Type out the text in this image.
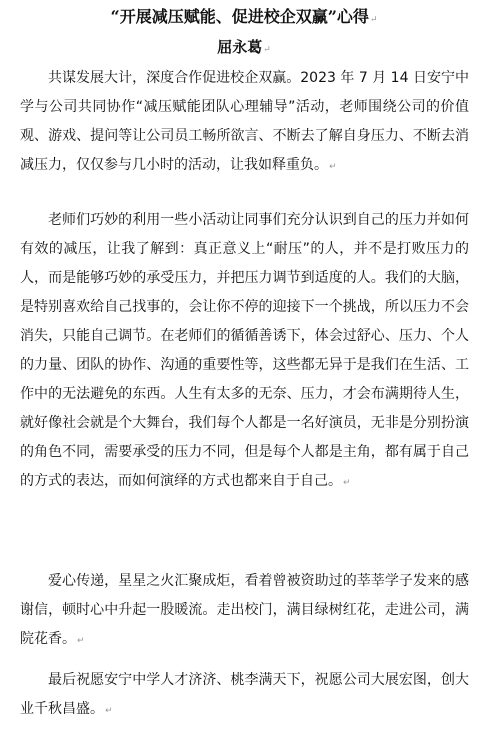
“开展减压赋能、促进校企双赢”心得↵
屈永葛↵

共谋发展大计，深度合作促进校企双赢。2023 年 7 月 14 日安宁中学与公司共同协作“减压赋能团队心理辅导”活动，老师围绕公司的价值观、游戏、提问等让公司员工畅所欲言、不断去了解自身压力、不断去消减压力，仅仅参与几小时的活动，让我如释重负。↵

老师们巧妙的利用一些小活动让同事们充分认识到自己的压力并如何有效的减压，让我了解到：真正意义上“耐压”的人，并不是打败压力的人，而是能够巧妙的承受压力，并把压力调节到适度的人。我们的大脑，是特别喜欢给自己找事的，会让你不停的迎接下一个挑战，所以压力不会消失，只能自己调节。在老师们的循循善诱下，体会过舒心、压力、个人的力量、团队的协作、沟通的重要性等，这些都无异于是我们在生活、工作中的无法避免的东西。人生有太多的无奈、压力，才会布满期待人生，就好像社会就是个大舞台，我们每个人都是一名好演员，无非是分别扮演的角色不同，需要承受的压力不同，但是每个人都是主角，都有属于自己的方式的表达，而如何演绎的方式也都来自于自己。↵

爱心传递，星星之火汇聚成炬，看着曾被资助过的莘莘学子发来的感谢信，顿时心中升起一股暖流。走出校门，满目绿树红花，走进公司，满院花香。↵

最后祝愿安宁中学人才济济、桃李满天下，祝愿公司大展宏图，创大业千秋昌盛。↵
